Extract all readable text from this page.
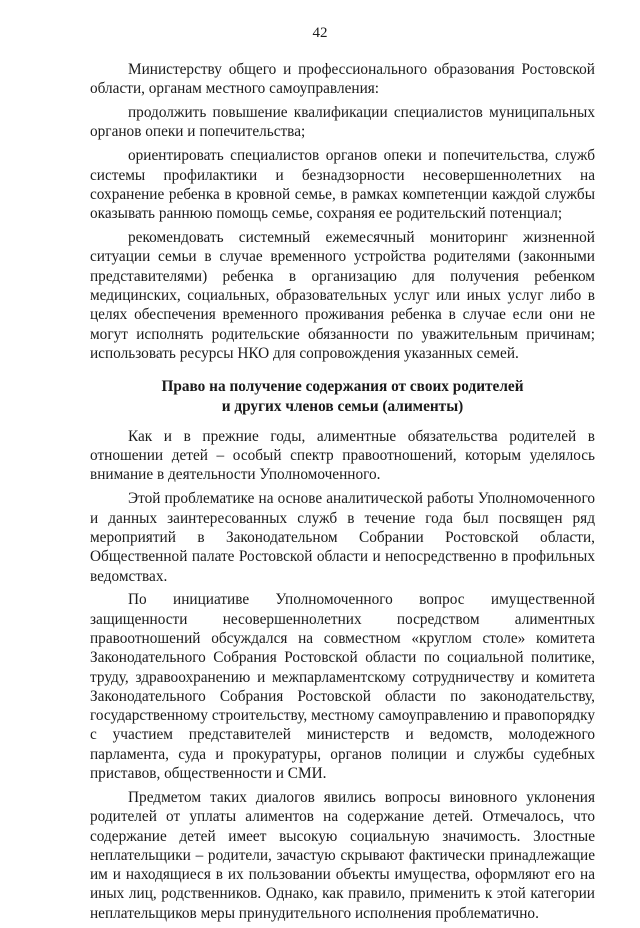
42

Министерству общего и профессионального образования Ростовской области, органам местного самоуправления:

продолжить повышение квалификации специалистов муниципальных органов опеки и попечительства;

ориентировать специалистов органов опеки и попечительства, служб системы профилактики и безнадзорности несовершеннолетних на сохранение ребенка в кровной семье, в рамках компетенции каждой службы оказывать раннюю помощь семье, сохраняя ее родительский потенциал;

рекомендовать системный ежемесячный мониторинг жизненной ситуации семьи в случае временного устройства родителями (законными представителями) ребенка в организацию для получения ребенком медицинских, социальных, образовательных услуг или иных услуг либо в целях обеспечения временного проживания ребенка в случае если они не могут исполнять родительские обязанности по уважительным причинам; использовать ресурсы НКО для сопровождения указанных семей.

Право на получение содержания от своих родителей
и других членов семьи (алименты)

Как и в прежние годы, алиментные обязательства родителей в отношении детей – особый спектр правоотношений, которым уделялось внимание в деятельности Уполномоченного.

Этой проблематике на основе аналитической работы Уполномоченного и данных заинтересованных служб в течение года был посвящен ряд мероприятий в Законодательном Собрании Ростовской области, Общественной палате Ростовской области и непосредственно в профильных ведомствах.

По инициативе Уполномоченного вопрос имущественной защищенности несовершеннолетних посредством алиментных правоотношений обсуждался на совместном «круглом столе» комитета Законодательного Собрания Ростовской области по социальной политике, труду, здравоохранению и межпарламентскому сотрудничеству и комитета Законодательного Собрания Ростовской области по законодательству, государственному строительству, местному самоуправлению и правопорядку с участием представителей министерств и ведомств, молодежного парламента, суда и прокуратуры, органов полиции и службы судебных приставов, общественности и СМИ.

Предметом таких диалогов явились вопросы виновного уклонения родителей от уплаты алиментов на содержание детей. Отмечалось, что содержание детей имеет высокую социальную значимость. Злостные неплательщики – родители, зачастую скрывают фактически принадлежащие им и находящиеся в их пользовании объекты имущества, оформляют его на иных лиц, родственников. Однако, как правило, применить к этой категории неплательщиков меры принудительного исполнения проблематично.
